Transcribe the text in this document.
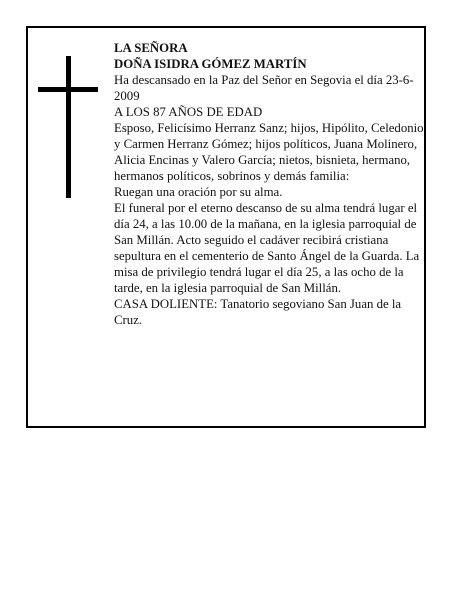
LA SEÑORA

DOÑA ISIDRA GÓMEZ MARTÍN

Ha descansado en la Paz del Señor en Segovia el día 23-6-2009

A LOS 87 AÑOS DE EDAD

Esposo, Felicísimo Herranz Sanz; hijos, Hipólito, Celedonio y Carmen Herranz Gómez; hijos políticos, Juana Molinero, Alicia Encinas y Valero García; nietos, bisnieta, hermano, hermanos políticos, sobrinos y demás familia:

Ruegan una oración por su alma.

El funeral por el eterno descanso de su alma tendrá lugar el día 24, a las 10.00 de la mañana, en la iglesia parroquial de San Millán. Acto seguido el cadáver recibirá cristiana sepultura en el cementerio de Santo Ángel de la Guarda. La misa de privilegio tendrá lugar el día 25, a las ocho de la tarde, en la iglesia parroquial de San Millán.

CASA DOLIENTE: Tanatorio segoviano San Juan de la Cruz.
